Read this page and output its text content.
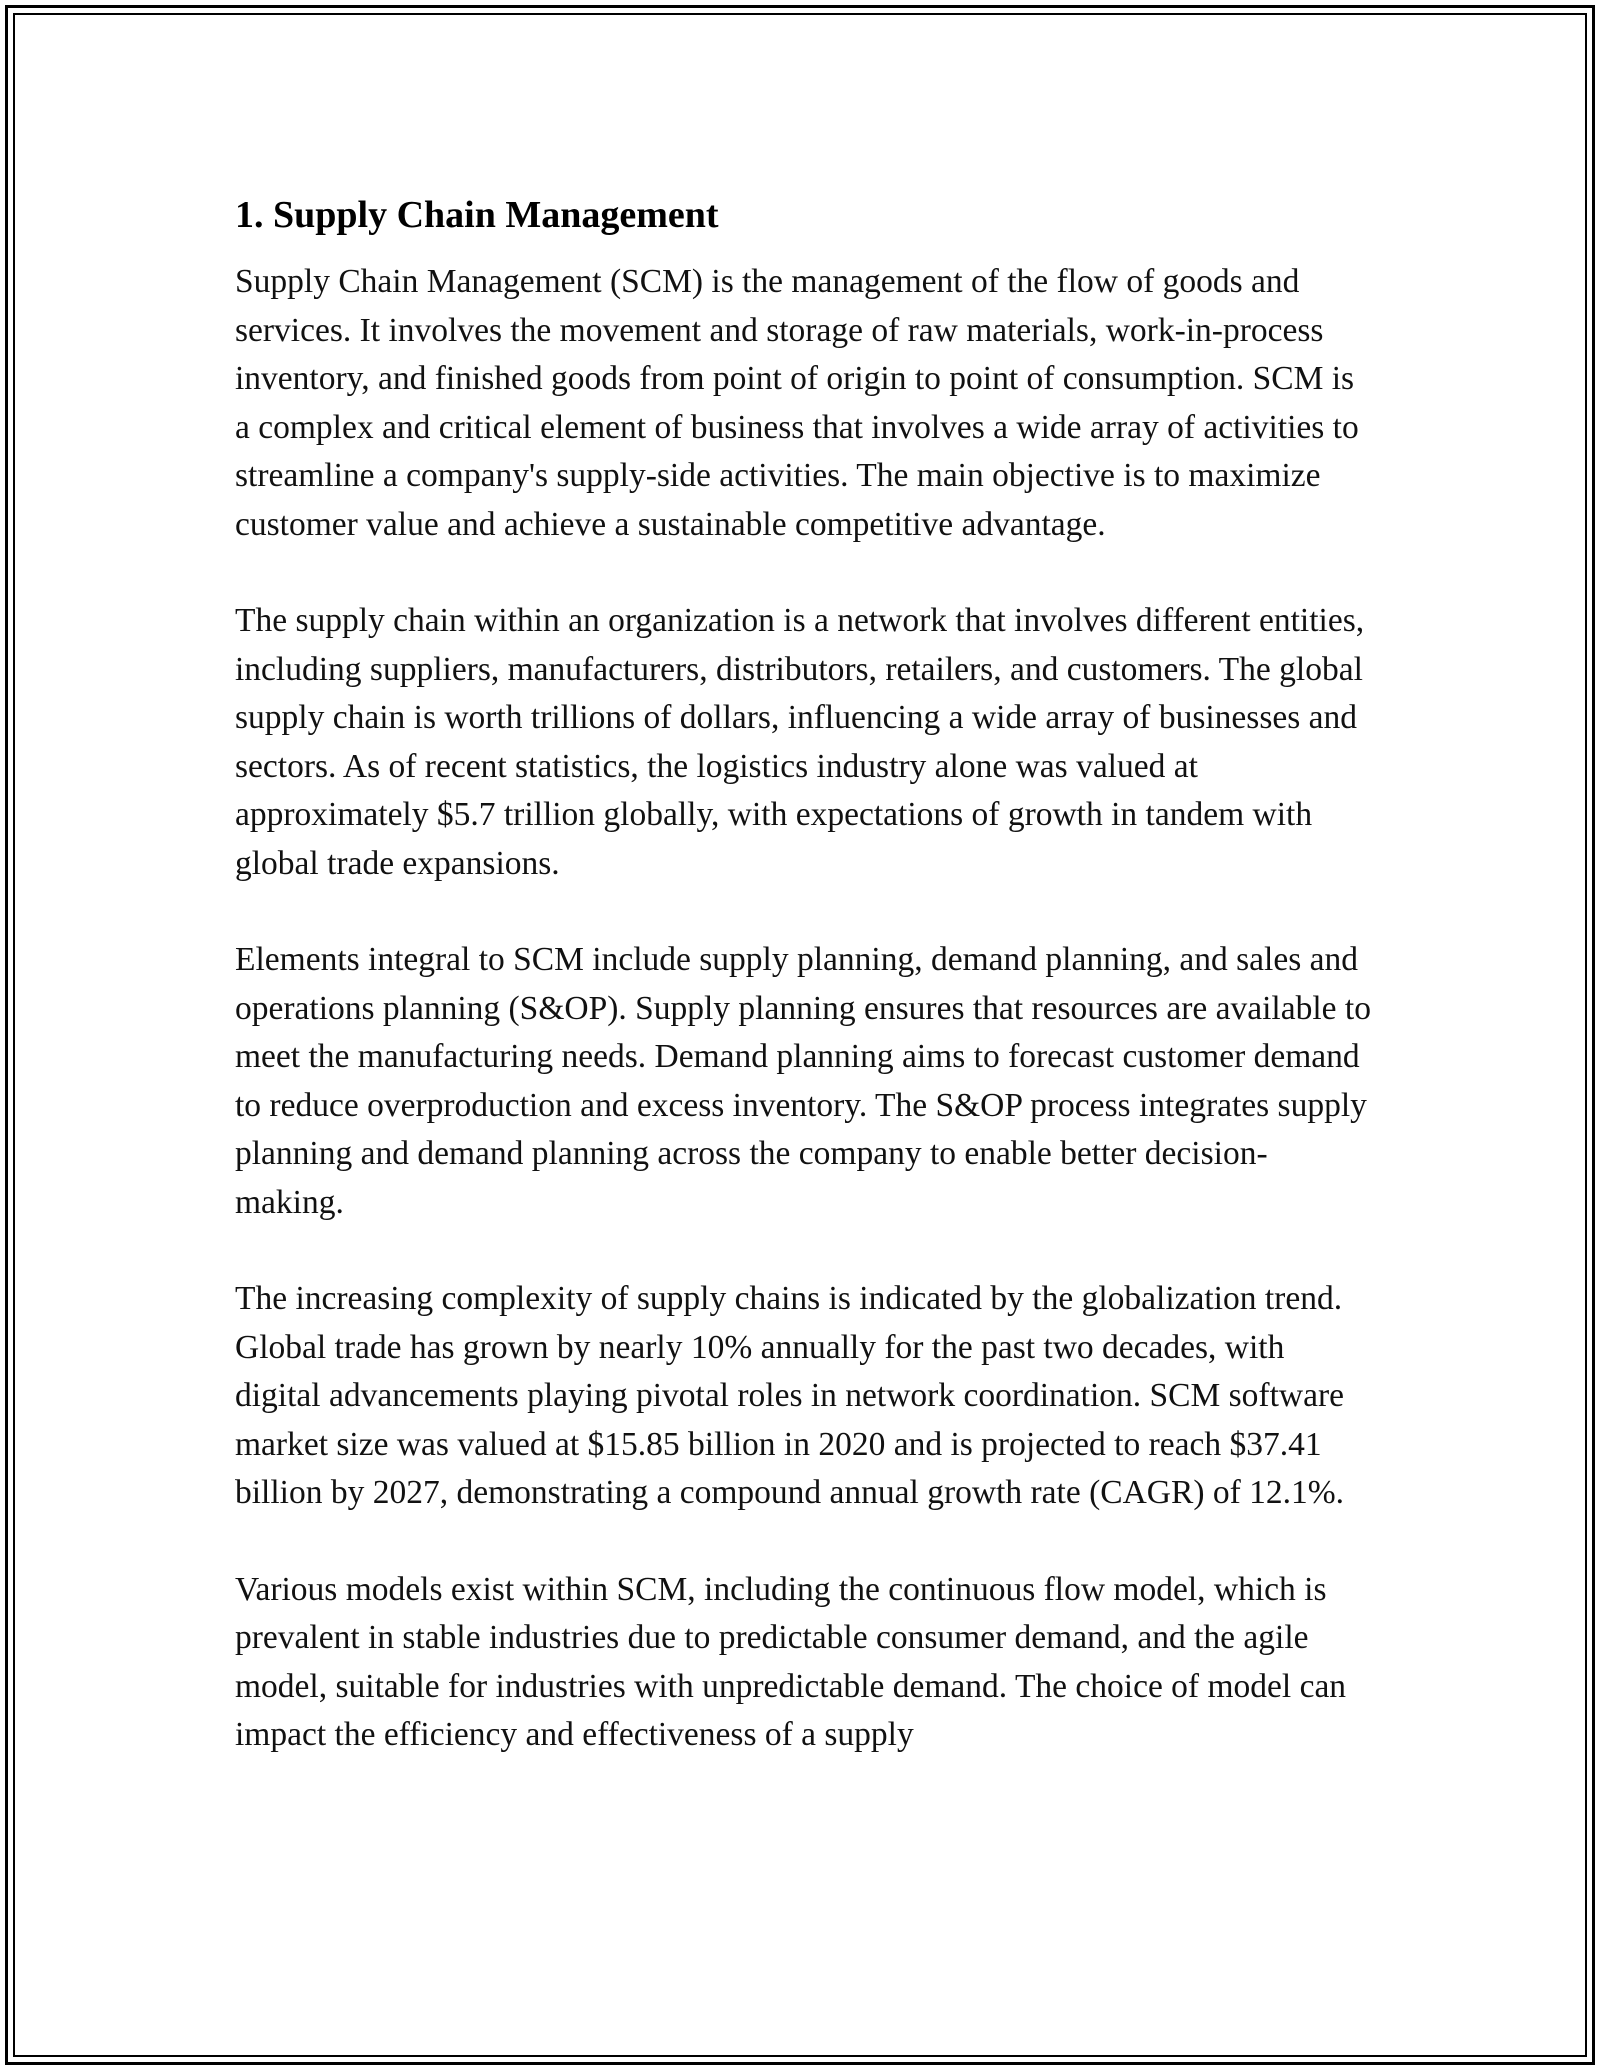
1. Supply Chain Management

Supply Chain Management (SCM) is the management of the flow of goods and services. It involves the movement and storage of raw materials, work-in-process inventory, and finished goods from point of origin to point of consumption. SCM is a complex and critical element of business that involves a wide array of activities to streamline a company's supply-side activities. The main objective is to maximize customer value and achieve a sustainable competitive advantage.

The supply chain within an organization is a network that involves different entities, including suppliers, manufacturers, distributors, retailers, and customers. The global supply chain is worth trillions of dollars, influencing a wide array of businesses and sectors. As of recent statistics, the logistics industry alone was valued at approximately $5.7 trillion globally, with expectations of growth in tandem with global trade expansions.

Elements integral to SCM include supply planning, demand planning, and sales and operations planning (S&OP). Supply planning ensures that resources are available to meet the manufacturing needs. Demand planning aims to forecast customer demand to reduce overproduction and excess inventory. The S&OP process integrates supply planning and demand planning across the company to enable better decision-making.

The increasing complexity of supply chains is indicated by the globalization trend. Global trade has grown by nearly 10% annually for the past two decades, with digital advancements playing pivotal roles in network coordination. SCM software market size was valued at $15.85 billion in 2020 and is projected to reach $37.41 billion by 2027, demonstrating a compound annual growth rate (CAGR) of 12.1%.

Various models exist within SCM, including the continuous flow model, which is prevalent in stable industries due to predictable consumer demand, and the agile model, suitable for industries with unpredictable demand. The choice of model can impact the efficiency and effectiveness of a supply
